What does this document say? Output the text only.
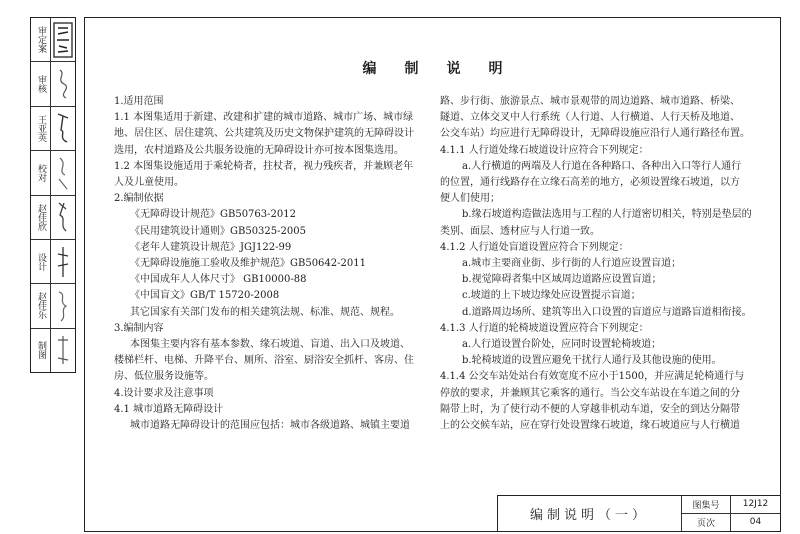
审定案
审核
王亚英
校对
赵佳欣
设计
赵佳乐
制图
编制说明

1.适用范围

1.1 本图集适用于新建、改建和扩建的城市道路、城市广场、城市绿

地、居住区、居住建筑、公共建筑及历史文物保护建筑的无障碍设计

选用，农村道路及公共服务设施的无障碍设计亦可按本图集选用。

1.2 本图集设施适用于乘轮椅者，拄杖者，视力残疾者，并兼顾老年

人及儿童使用。

2.编制依据

《无障碍设计规范》GB50763-2012

《民用建筑设计通则》GB50325-2005

《老年人建筑设计规范》JGJ122-99

《无障碍设施施工验收及维护规范》GB50642-2011

《中国成年人人体尺寸》 GB10000-88

《中国盲文》GB/T 15720-2008

其它国家有关部门发布的相关建筑法规、标准、规范、规程。

3.编制内容

本图集主要内容有基本参数、缘石坡道、盲道、出入口及坡道、

楼梯栏杆、电梯、升降平台、厕所、浴室、厨浴安全抓杆、客房、住

房、低位服务设施等。

4.设计要求及注意事项

4.1 城市道路无障碍设计

城市道路无障碍设计的范围应包括：城市各级道路、城镇主要道

路、步行街、旅游景点、城市景观带的周边道路、城市道路、桥梁、

隧道、立体交叉中人行系统（人行道、人行横道、人行天桥及地道、

公交车站）均应进行无障碍设计，无障碍设施应沿行人通行路径布置。

4.1.1 人行道处缘石坡道设计应符合下列规定：

a.人行横道的两端及人行道在各种路口、各种出入口等行人通行

的位置，通行线路存在立缘石高差的地方，必须设置缘石坡道，以方

便人们使用；

b.缘石坡道构造做法选用与工程的人行道密切相关，特别是垫层的

类别、面层、透材应与人行道一致。

4.1.2 人行道处盲道设置应符合下列规定：

a.城市主要商业街、步行街的人行道应设置盲道；

b.视觉障碍者集中区域周边道路应设置盲道；

c.坡道的上下坡边缘处应设置提示盲道；

d.道路周边场所、建筑等出入口设置的盲道应与道路盲道相衔接。

4.1.3 人行道的轮椅坡道设置应符合下列规定：

a.人行道设置台阶处，应同时设置轮椅坡道；

b.轮椅坡道的设置应避免干扰行人通行及其他设施的使用。

4.1.4 公交车站处站台有效宽度不应小于1500，并应满足轮椅通行与

停放的要求，并兼顾其它乘客的通行。当公交车站设在车道之间的分

隔带上时，为了使行动不便的人穿越非机动车道，安全的到达分隔带

上的公交候车站，应在穿行处设置缘石坡道，缘石坡道应与人行横道

编制说明（一）
图集号	12J12
页次	04
